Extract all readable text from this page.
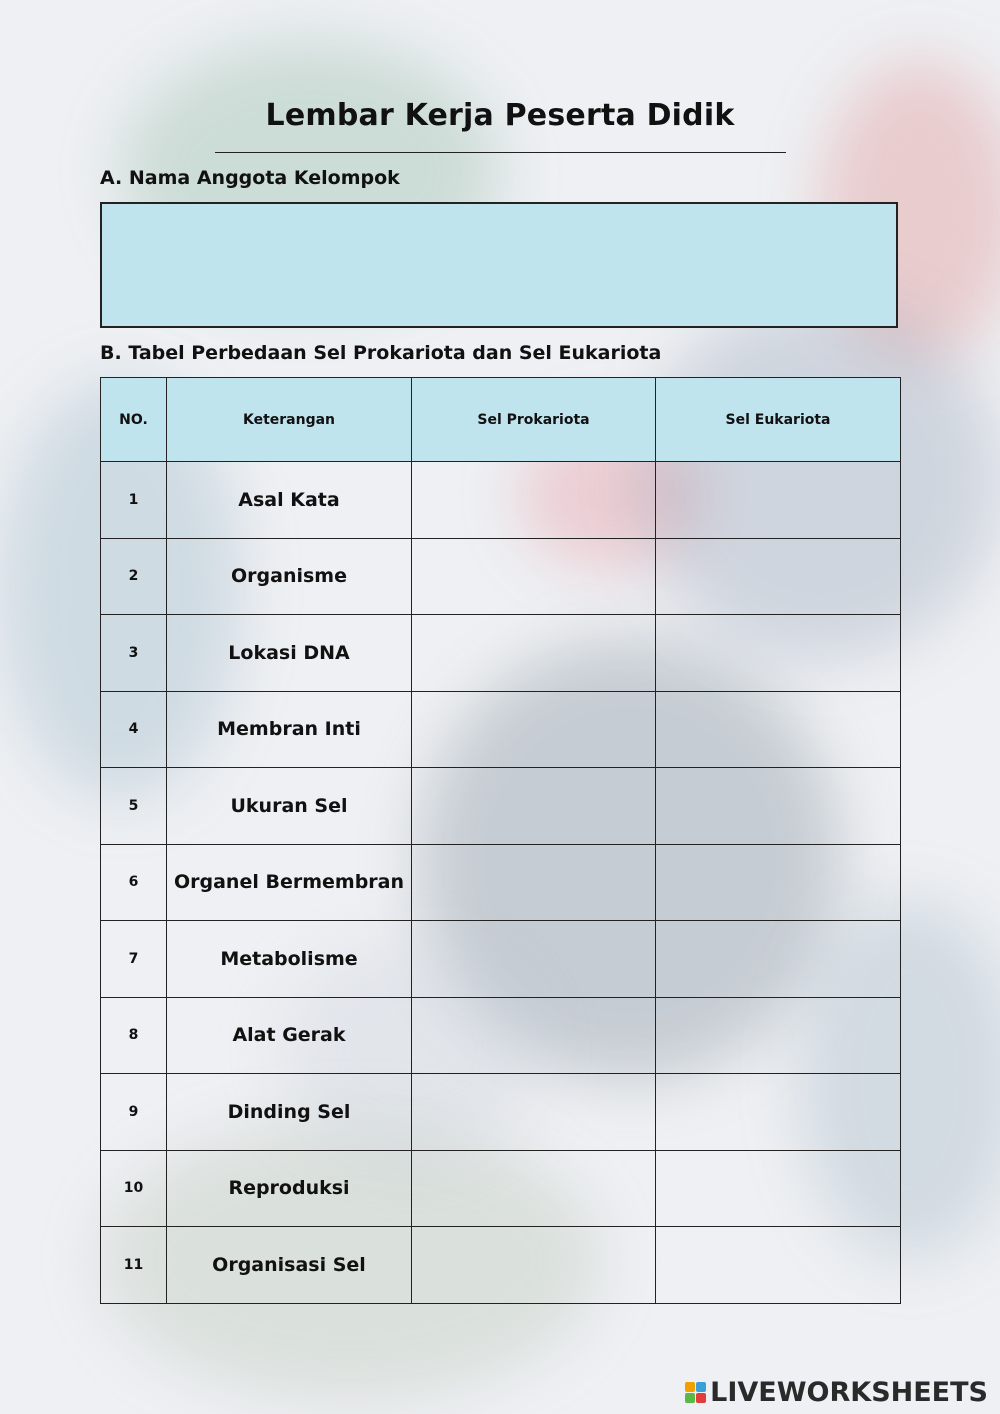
Lembar Kerja Peserta Didik
A. Nama Anggota Kelompok
B. Tabel Perbedaan Sel Prokariota dan Sel Eukariota
NO.	Keterangan	Sel Prokariota	Sel Eukariota
1	Asal Kata		
2	Organisme		
3	Lokasi DNA		
4	Membran Inti		
5	Ukuran Sel		
6	Organel Bermembran		
7	Metabolisme		
8	Alat Gerak		
9	Dinding Sel		
10	Reproduksi		
11	Organisasi Sel		
LIVEWORKSHEETS
